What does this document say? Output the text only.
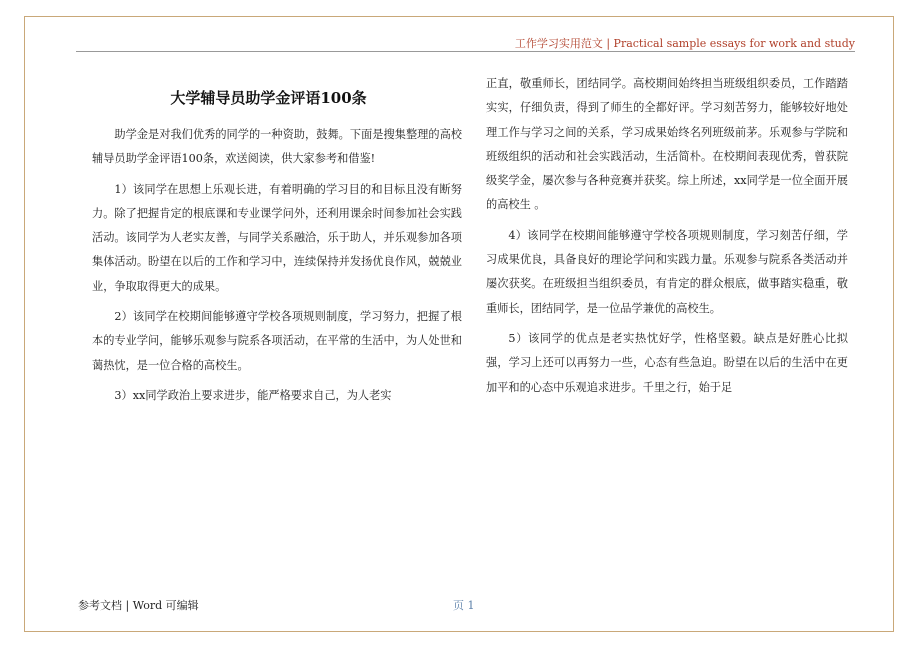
工作学习实用范文 | Practical sample essays for work and study
大学辅导员助学金评语100条

助学金是对我们优秀的同学的一种资助，鼓舞。下面是搜集整理的高校辅导员助学金评语100条，欢送阅读，供大家参考和借鉴!

1）该同学在思想上乐观长进，有着明确的学习目的和目标且没有断努力。除了把握肯定的根底课和专业课学问外，还利用课余时间参加社会实践活动。该同学为人老实友善，与同学关系融洽，乐于助人，并乐观参加各项集体活动。盼望在以后的工作和学习中，连续保持并发扬优良作风，兢兢业业，争取取得更大的成果。

2）该同学在校期间能够遵守学校各项规则制度，学习努力，把握了根本的专业学问，能够乐观参与院系各项活动，在平常的生活中，为人处世和蔼热忱，是一位合格的高校生。

3）xx同学政治上要求进步，能严格要求自己，为人老实

正直，敬重师长，团结同学。高校期间始终担当班级组织委员，工作踏踏实实，仔细负责，得到了师生的全都好评。学习刻苦努力，能够较好地处理工作与学习之间的关系，学习成果始终名列班级前茅。乐观参与学院和班级组织的活动和社会实践活动，生活简朴。在校期间表现优秀，曾获院级奖学金，屡次参与各种竞赛并获奖。综上所述，xx同学是一位全面开展的高校生 。

4）该同学在校期间能够遵守学校各项规则制度，学习刻苦仔细，学习成果优良，具备良好的理论学问和实践力量。乐观参与院系各类活动并屡次获奖。在班级担当组织委员，有肯定的群众根底，做事踏实稳重，敬重师长，团结同学，是一位品学兼优的高校生。

5）该同学的优点是老实热忱好学，性格坚毅。缺点是好胜心比拟强，学习上还可以再努力一些，心态有些急迫。盼望在以后的生活中在更加平和的心态中乐观追求进步。千里之行，始于足

参考文档 | Word 可编辑	页 1
